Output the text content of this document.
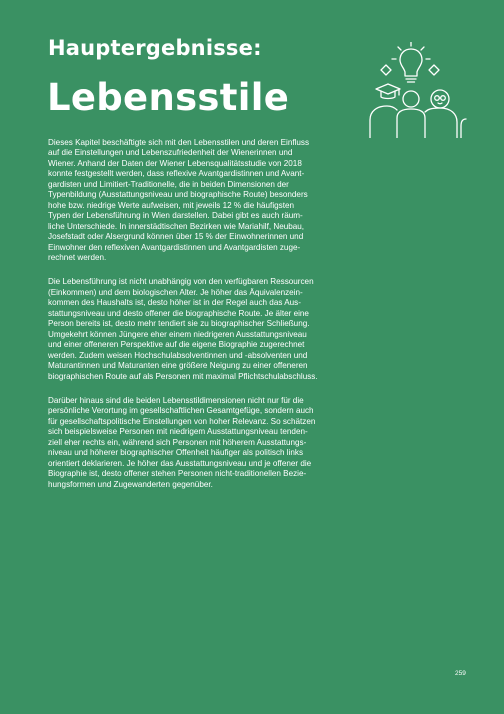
Hauptergebnisse:
Lebensstile

Dieses Kapitel beschäftigte sich mit den Lebensstilen und deren Einfluss
auf die Einstellungen und Lebenszufriedenheit der Wienerinnen und
Wiener. Anhand der Daten der Wiener Lebensqualitätsstudie von 2018
konnte festgestellt werden, dass reflexive Avantgardistinnen und Avant-
gardisten und Limitiert-Traditionelle, die in beiden Dimensionen der
Typenbildung (Ausstattungsniveau und biographische Route) besonders
hohe bzw. niedrige Werte aufweisen, mit jeweils 12 % die häufigsten
Typen der Lebensführung in Wien darstellen. Dabei gibt es auch räum-
liche Unterschiede. In innerstädtischen Bezirken wie Mariahilf, Neubau,
Josefstadt oder Alsergrund können über 15 % der Einwohnerinnen und
Einwohner den reflexiven Avantgardistinnen und Avantgardisten zuge-
rechnet werden.

Die Lebensführung ist nicht unabhängig von den verfügbaren Ressourcen
(Einkommen) und dem biologischen Alter. Je höher das Äquivalenzein-
kommen des Haushalts ist, desto höher ist in der Regel auch das Aus-
stattungsniveau und desto offener die biographische Route. Je älter eine
Person bereits ist, desto mehr tendiert sie zu biographischer Schließung.
Umgekehrt können Jüngere eher einem niedrigeren Ausstattungsniveau
und einer offeneren Perspektive auf die eigene Biographie zugerechnet
werden. Zudem weisen Hochschulabsolventinnen und -absolventen und
Maturantinnen und Maturanten eine größere Neigung zu einer offeneren
biographischen Route auf als Personen mit maximal Pflichtschulabschluss.

Darüber hinaus sind die beiden Lebensstildimensionen nicht nur für die
persönliche Verortung im gesellschaftlichen Gesamtgefüge, sondern auch
für gesellschaftspolitische Einstellungen von hoher Relevanz. So schätzen
sich beispielsweise Personen mit niedrigem Ausstattungsniveau tenden-
ziell eher rechts ein, während sich Personen mit höherem Ausstattungs-
niveau und höherer biographischer Offenheit häufiger als politisch links
orientiert deklarieren. Je höher das Ausstattungsniveau und je offener die
Biographie ist, desto offener stehen Personen nicht-traditionellen Bezie-
hungsformen und Zugewanderten gegenüber.

259
